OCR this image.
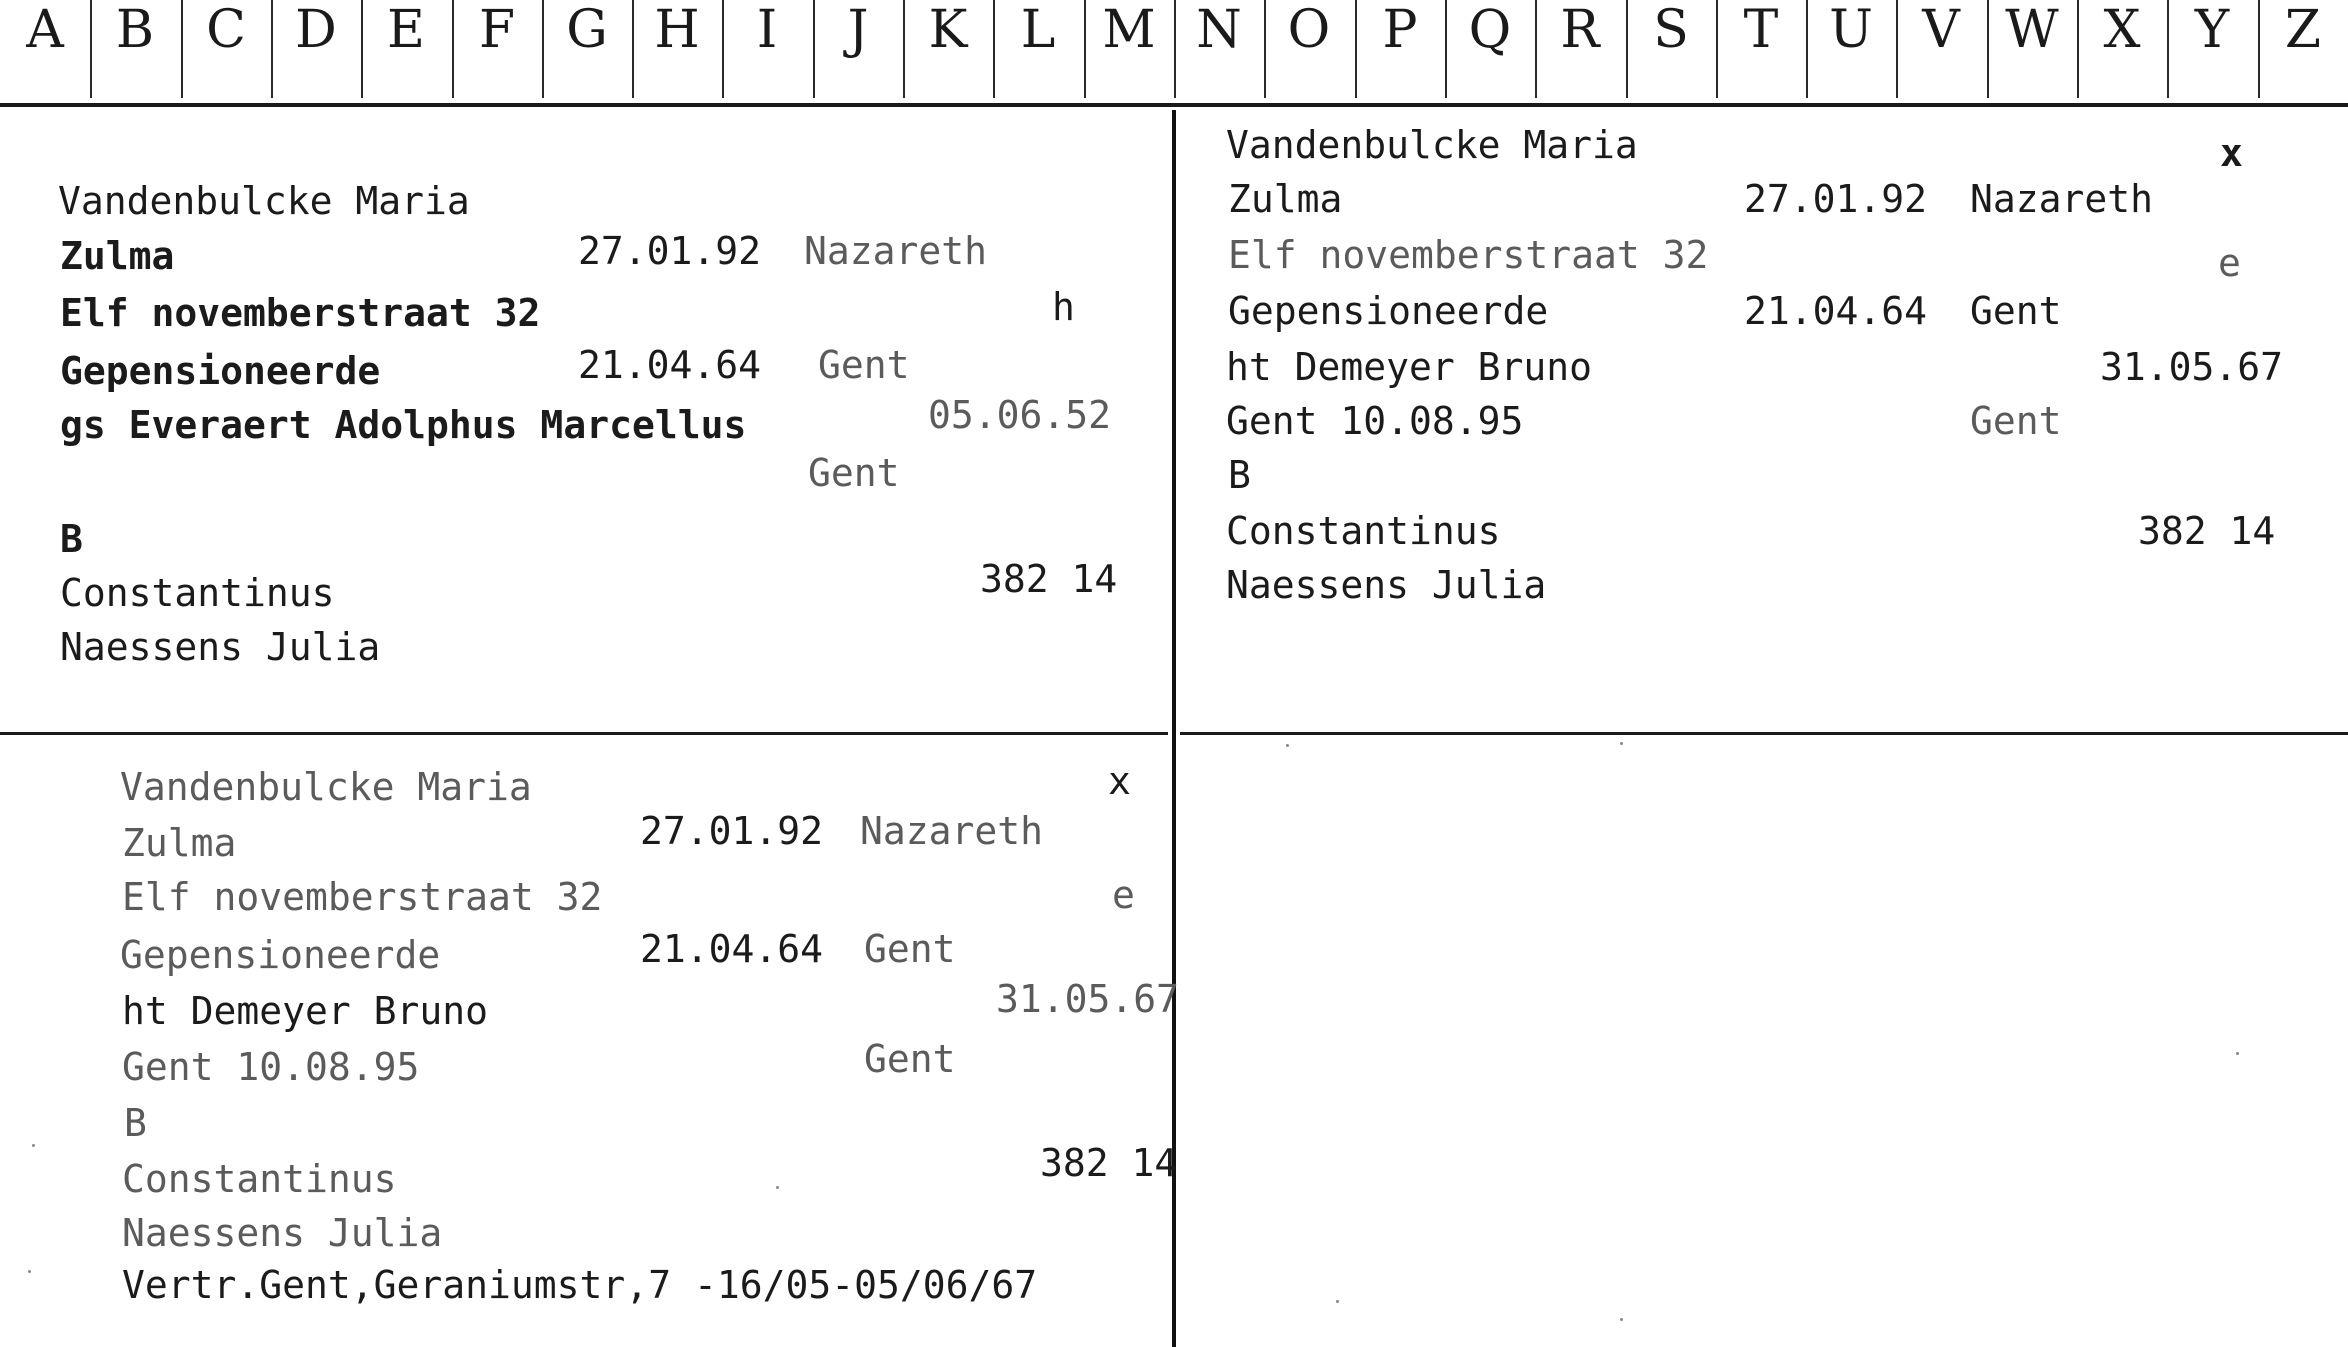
A	B C D E	F G H	I	J	K	L M N O	P Q R	S	T U V W X	Y	Z
Vandenbulcke Maria
Zulma	27.01.92 Nazareth
Elf novemberstraat 32	h
Gepensioneerde	21.04.64 Gent
gs Everaert Adolphus Marcellus	05.06.52
Gent
B
Constantinus	382 14
Naessens Julia
Vandenbulcke Maria	x
Zulma	27.01.92 Nazareth
Elf novemberstraat 32	e
Gepensioneerde	21.04.64 Gent
ht Demeyer Bruno	31.05.67
Gent 10.08.95	Gent
B
Constantinus	382 14
Naessens Julia
Vandenbulcke Maria	x
Zulma	27.01.92 Nazareth
Elf novemberstraat 32	e
Gepensioneerde	21.04.64 Gent
ht Demeyer Bruno	31.05.67
Gent 10.08.95	Gent
B
Constantinus	382 14
Naessens Julia
Vertr.Gent,Geraniumstr,7 -16/05-05/06/67
